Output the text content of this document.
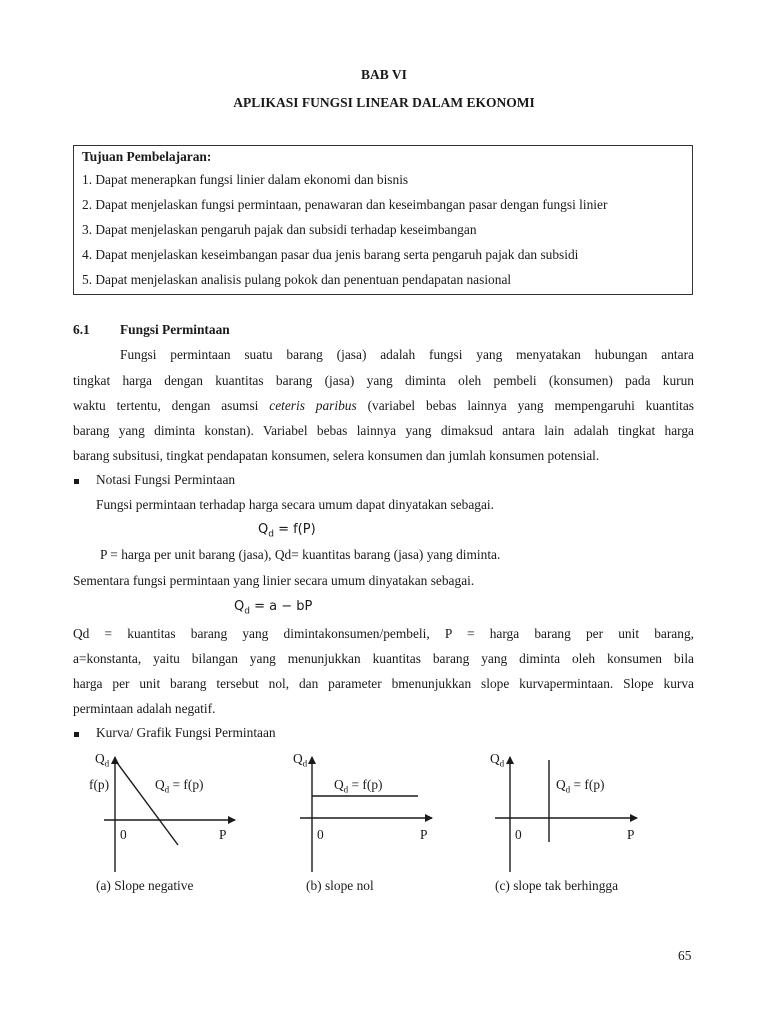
BAB VI
APLIKASI FUNGSI LINEAR DALAM EKONOMI
Tujuan Pembelajaran:
1. Dapat menerapkan fungsi linier dalam ekonomi dan bisnis
2. Dapat menjelaskan fungsi permintaan, penawaran dan keseimbangan pasar dengan fungsi linier
3. Dapat menjelaskan pengaruh pajak dan subsidi terhadap keseimbangan
4. Dapat menjelaskan keseimbangan pasar dua jenis barang serta pengaruh pajak dan subsidi
5. Dapat menjelaskan analisis pulang pokok dan penentuan pendapatan nasional
6.1 Fungsi Permintaan
Fungsi permintaan suatu barang (jasa) adalah fungsi yang menyatakan hubungan antara
tingkat harga dengan kuantitas barang (jasa) yang diminta oleh pembeli (konsumen) pada kurun
waktu tertentu, dengan asumsi ceteris paribus (variabel bebas lainnya yang mempengaruhi kuantitas
barang yang diminta konstan). Variabel bebas lainnya yang dimaksud antara lain adalah tingkat harga
barang subsitusi, tingkat pendapatan konsumen, selera konsumen dan jumlah konsumen potensial.
Notasi Fungsi Permintaan
Fungsi permintaan terhadap harga secara umum dapat dinyatakan sebagai.
$Q_d = f(P)$
P = harga per unit barang (jasa), Qd= kuantitas barang (jasa) yang diminta.
Sementara fungsi permintaan yang linier secara umum dinyatakan sebagai.
$Q_d = a$ − bP
Qd = kuantitas barang yang dimintakonsumen/pembeli, P = harga barang per unit barang,
a=konstanta, yaitu bilangan yang menunjukkan kuantitas barang yang diminta oleh konsumen bila
harga per unit barang tersebut nol, dan parameter bmenunjukkan slope kurvapermintaan. Slope kurva
permintaan adalah negatif.
Kurva/ Grafik Fungsi Permintaan
$Q_d$
f(p)	$Q_d = f(p)$
0	P
(a) Slope negative
$Q_d$
$Q_d = f(p)$
0	P
(b) slope nol
$Q_d$
$Q_d = f(p)$
0	P
(c) slope tak berhingga
65
